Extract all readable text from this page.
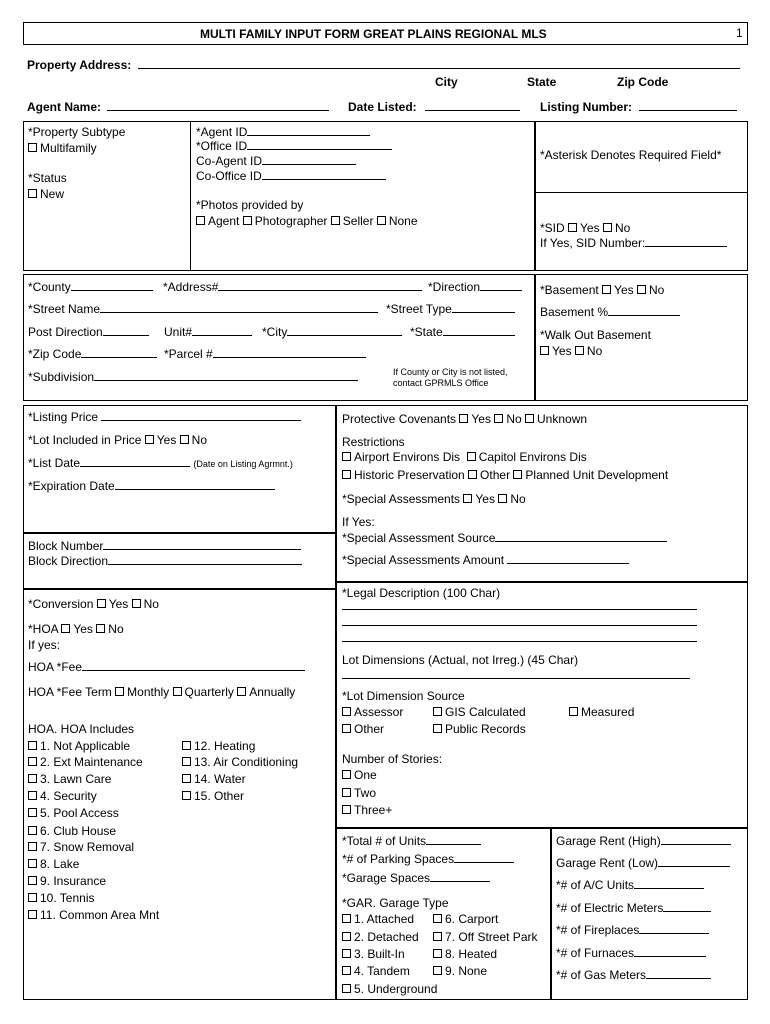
MULTI FAMILY INPUT FORM GREAT PLAINS REGIONAL MLS	1
Property Address:
City	State	Zip Code
Agent Name:	Date Listed:	Listing Number:
*Property Subtype
Multifamily
*Status
New
*Agent ID
*Office ID
Co-Agent ID
Co-Office ID
*Photos provided by
Agent Photographer Seller None
*Asterisk Denotes Required Field*
*SID Yes No
If Yes, SID Number:
*County	*Address#	*Direction
*Street Name	*Street Type
Post Direction	Unit#	*City	*State
*Zip Code	*Parcel #
*Subdivision	If County or City is not listed,
contact GPRMLS Office
*Basement Yes No
Basement %
*Walk Out Basement
Yes No
*Listing Price
*Lot Included in Price Yes No
*List Date	(Date on Listing Agrmnt.)
*Expiration Date
Block Number
Block Direction
Protective Covenants Yes No Unknown
Restrictions
Airport Environs Dis Capitol Environs Dis
Historic Preservation Other Planned Unit Development
*Special Assessments Yes No
If Yes:
*Special Assessment Source
*Special Assessments Amount
*Conversion Yes No
*HOA Yes No
If yes:
HOA *Fee
HOA *Fee Term Monthly Quarterly Annually
HOA. HOA Includes
1. Not Applicable
2. Ext Maintenance
3. Lawn Care
4. Security
5. Pool Access
6. Club House
7. Snow Removal
8. Lake
9. Insurance
10. Tennis
11. Common Area Mnt
12. Heating
13. Air Conditioning
14. Water
15. Other
*Legal Description (100 Char)
Lot Dimensions (Actual, not Irreg.) (45 Char)
*Lot Dimension Source
Assessor	GIS Calculated	Measured
Other	Public Records
Number of Stories:
One
Two
Three+
*Total # of Units
*# of Parking Spaces
*Garage Spaces
*GAR. Garage Type
1. Attached
2. Detached
3. Built-In
4. Tandem
5. Underground
6. Carport
7. Off Street Park
8. Heated
9. None
Garage Rent (High)
Garage Rent (Low)
*# of A/C Units
*# of Electric Meters
*# of Fireplaces
*# of Furnaces
*# of Gas Meters
